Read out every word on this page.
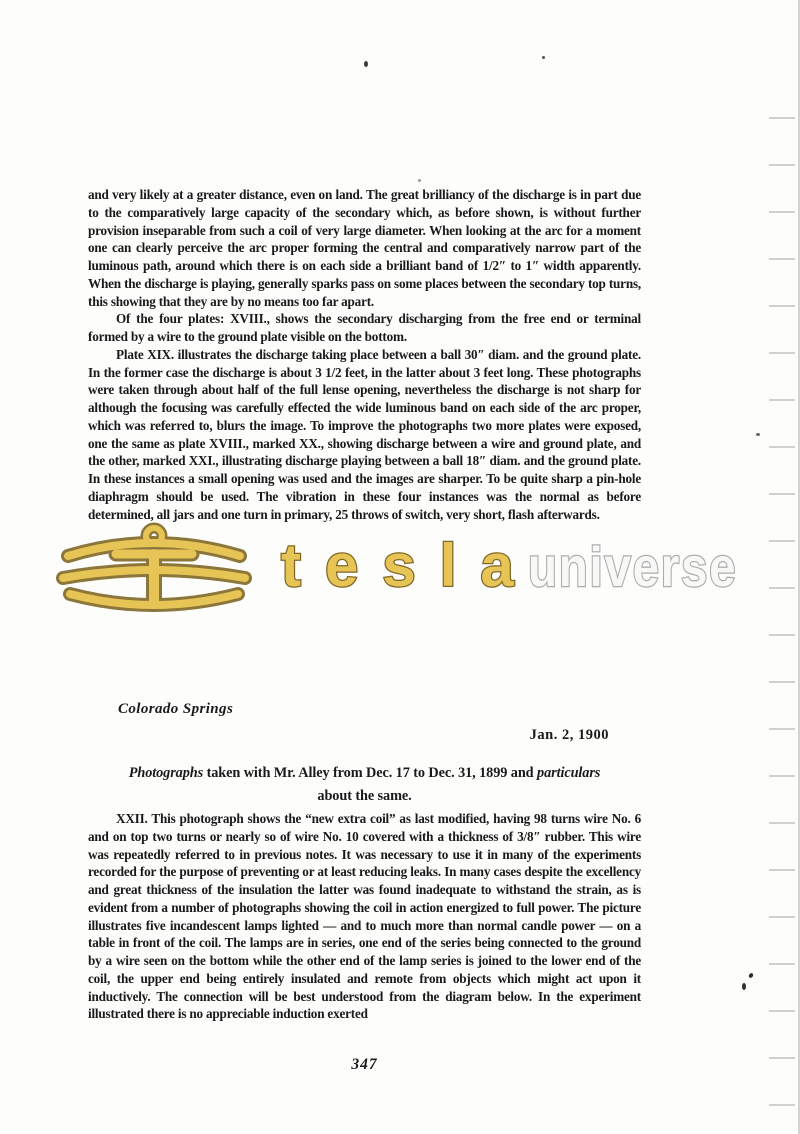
and very likely at a greater distance, even on land. The great brilliancy of the discharge is in part due to the comparatively large capacity of the secondary which, as before shown, is without further provision inseparable from such a coil of very large diameter. When looking at the arc for a moment one can clearly perceive the arc proper forming the central and comparatively narrow part of the luminous path, around which there is on each side a brilliant band of 1/2″ to 1″ width apparently. When the discharge is playing, generally sparks pass on some places between the secondary top turns, this showing that they are by no means too far apart.

Of the four plates: XVIII., shows the secondary discharging from the free end or terminal formed by a wire to the ground plate visible on the bottom.

Plate XIX. illustrates the discharge taking place between a ball 30″ diam. and the ground plate. In the former case the discharge is about 3 1/2 feet, in the latter about 3 feet long. These photographs were taken through about half of the full lense opening, nevertheless the discharge is not sharp for although the focusing was carefully effected the wide luminous band on each side of the arc proper, which was referred to, blurs the image. To improve the photographs two more plates were exposed, one the same as plate XVIII., marked XX., showing discharge between a wire and ground plate, and the other, marked XXI., illustrating discharge playing between a ball 18″ diam. and the ground plate. In these instances a small opening was used and the images are sharper. To be quite sharp a pin-hole diaphragm should be used. The vibration in these four instances was the normal as before determined, all jars and one turn in primary, 25 throws of switch, very short, flash afterwards.

Colorado Springs
Jan. 2, 1900
Photographs taken with Mr. Alley from Dec. 17 to Dec. 31, 1899 and particulars
about the same.

XXII. This photograph shows the “new extra coil” as last modified, having 98 turns wire No. 6 and on top two turns or nearly so of wire No. 10 covered with a thickness of 3/8″ rubber. This wire was repeatedly referred to in previous notes. It was necessary to use it in many of the experiments recorded for the purpose of preventing or at least reducing leaks. In many cases despite the excellency and great thickness of the insulation the latter was found inadequate to withstand the strain, as is evident from a number of photographs showing the coil in action energized to full power. The picture illustrates five incandescent lamps lighted — and to much more than normal candle power — on a table in front of the coil. The lamps are in series, one end of the series being connected to the ground by a wire seen on the bottom while the other end of the lamp series is joined to the lower end of the coil, the upper end being entirely insulated and remote from objects which might act upon it inductively. The connection will be best understood from the diagram below. In the experiment illustrated there is no appreciable induction exerted

347
tesla
universe
